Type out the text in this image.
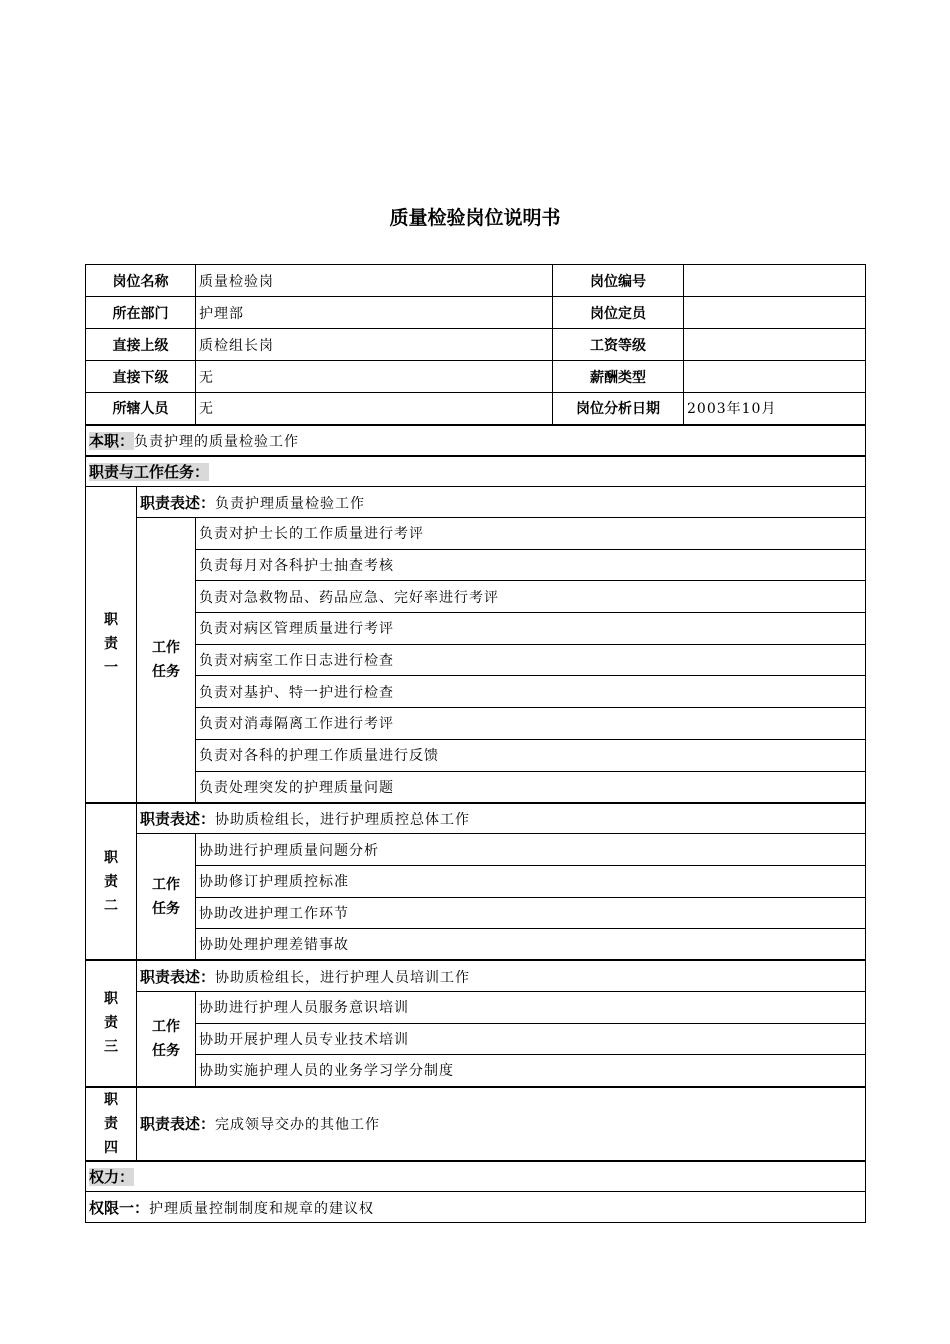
质量检验岗位说明书
岗位名称		质量检验岗	岗位编号	
所在部门		护理部	岗位定员	
直接上级		质检组长岗	工资等级	
直接下级		无	薪酬类型	
所辖人员		无	岗位分析日期	2003年10月
本职：负责护理的质量检验工作				
职责与工作任务：				
职责一	职责表述：负责护理质量检验工作			
	工作任务	负责对护士长的工作质量进行考评		
		负责每月对各科护士抽查考核		
		负责对急救物品、药品应急、完好率进行考评		
		负责对病区管理质量进行考评		
		负责对病室工作日志进行检查		
		负责对基护、特一护进行检查		
		负责对消毒隔离工作进行考评		
		负责对各科的护理工作质量进行反馈		
		负责处理突发的护理质量问题		
职责二	职责表述：协助质检组长，进行护理质控总体工作			
	工作任务	协助进行护理质量问题分析		
		协助修订护理质控标准		
		协助改进护理工作环节		
		协助处理护理差错事故		
职责三	职责表述：协助质检组长，进行护理人员培训工作			
	工作任务	协助进行护理人员服务意识培训		
		协助开展护理人员专业技术培训		
		协助实施护理人员的业务学习学分制度		
职责四	职责表述：完成领导交办的其他工作			
权力：				
权限一：护理质量控制制度和规章的建议权				
